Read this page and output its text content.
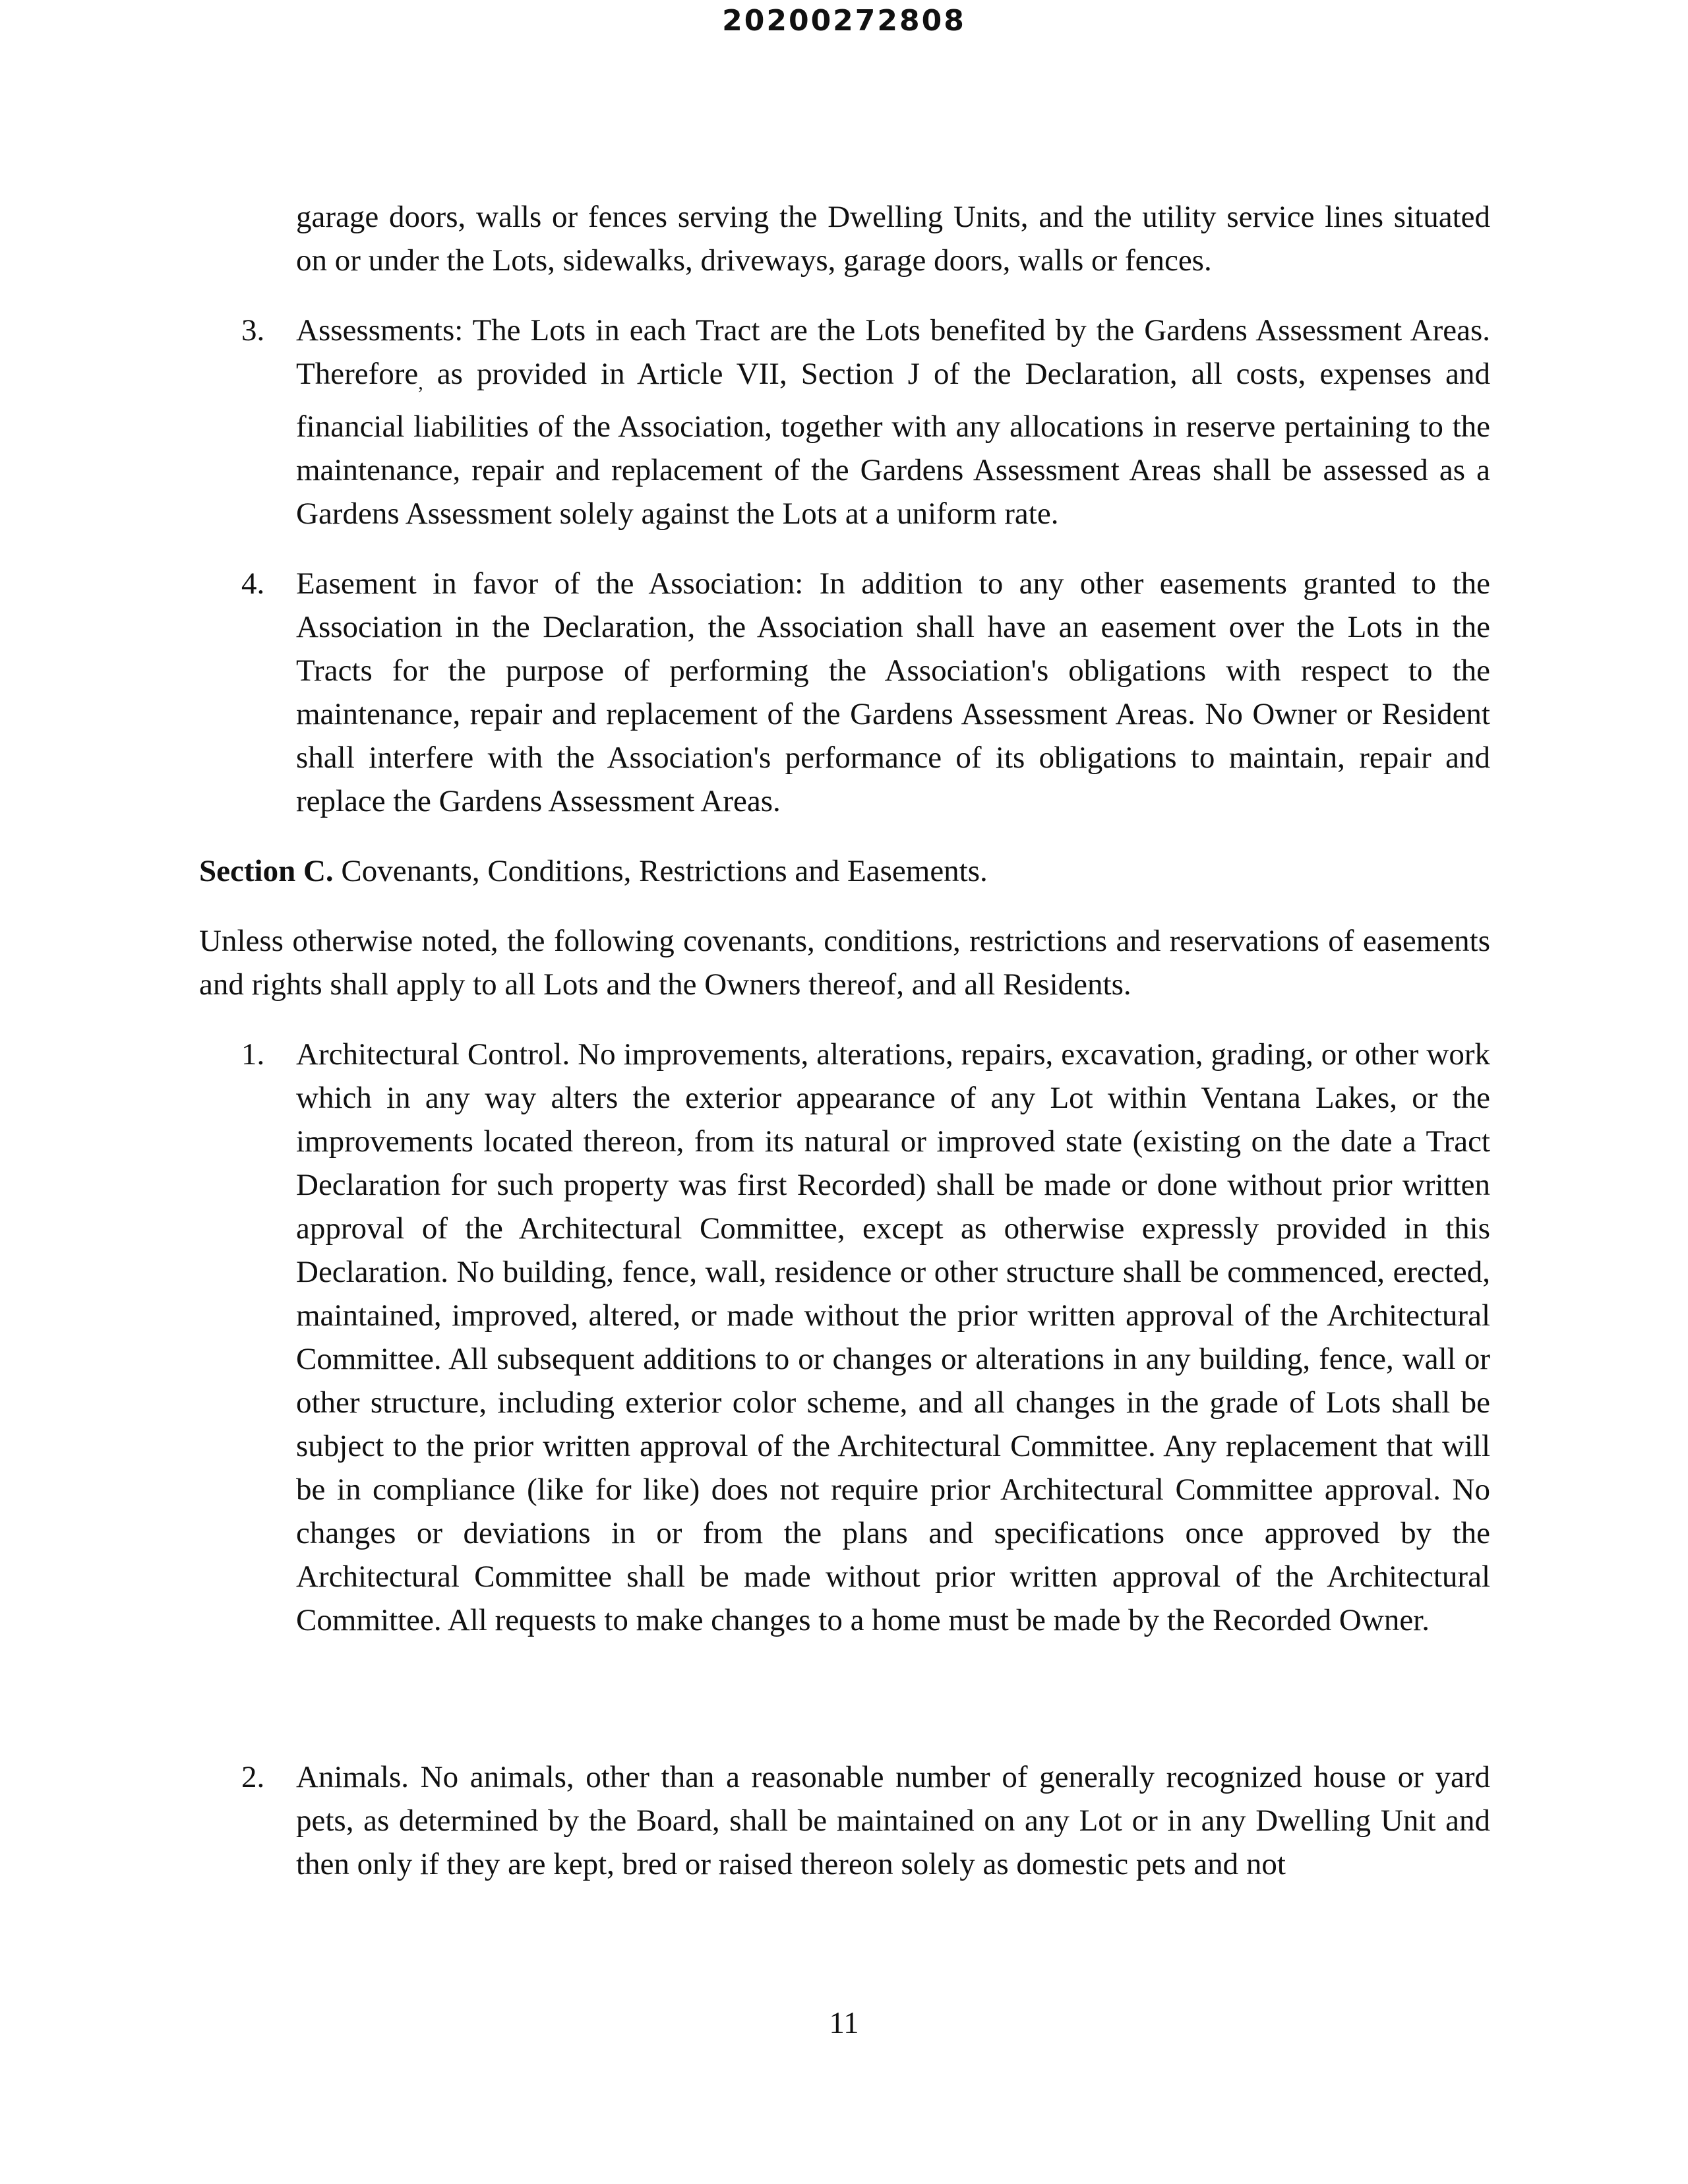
20200272808

garage doors, walls or fences serving the Dwelling Units, and the utility service lines situated on or under the Lots, sidewalks, driveways, garage doors, walls or fences.

3. Assessments: The Lots in each Tract are the Lots benefited by the Gardens Assessment Areas. Therefore, as provided in Article VII, Section J of the Declaration, all costs, expenses and financial liabilities of the Association, together with any allocations in reserve pertaining to the maintenance, repair and replacement of the Gardens Assessment Areas shall be assessed as a Gardens Assessment solely against the Lots at a uniform rate.

4. Easement in favor of the Association: In addition to any other easements granted to the Association in the Declaration, the Association shall have an easement over the Lots in the Tracts for the purpose of performing the Association's obligations with respect to the maintenance, repair and replacement of the Gardens Assessment Areas. No Owner or Resident shall interfere with the Association's performance of its obligations to maintain, repair and replace the Gardens Assessment Areas.

Section C. Covenants, Conditions, Restrictions and Easements.

Unless otherwise noted, the following covenants, conditions, restrictions and reservations of easements and rights shall apply to all Lots and the Owners thereof, and all Residents.

1. Architectural Control. No improvements, alterations, repairs, excavation, grading, or other work which in any way alters the exterior appearance of any Lot within Ventana Lakes, or the improvements located thereon, from its natural or improved state (existing on the date a Tract Declaration for such property was first Recorded) shall be made or done without prior written approval of the Architectural Committee, except as otherwise expressly provided in this Declaration. No building, fence, wall, residence or other structure shall be commenced, erected, maintained, improved, altered, or made without the prior written approval of the Architectural Committee. All subsequent additions to or changes or alterations in any building, fence, wall or other structure, including exterior color scheme, and all changes in the grade of Lots shall be subject to the prior written approval of the Architectural Committee. Any replacement that will be in compliance (like for like) does not require prior Architectural Committee approval. No changes or deviations in or from the plans and specifications once approved by the Architectural Committee shall be made without prior written approval of the Architectural Committee. All requests to make changes to a home must be made by the Recorded Owner.

2. Animals. No animals, other than a reasonable number of generally recognized house or yard pets, as determined by the Board, shall be maintained on any Lot or in any Dwelling Unit and then only if they are kept, bred or raised thereon solely as domestic pets and not

11
